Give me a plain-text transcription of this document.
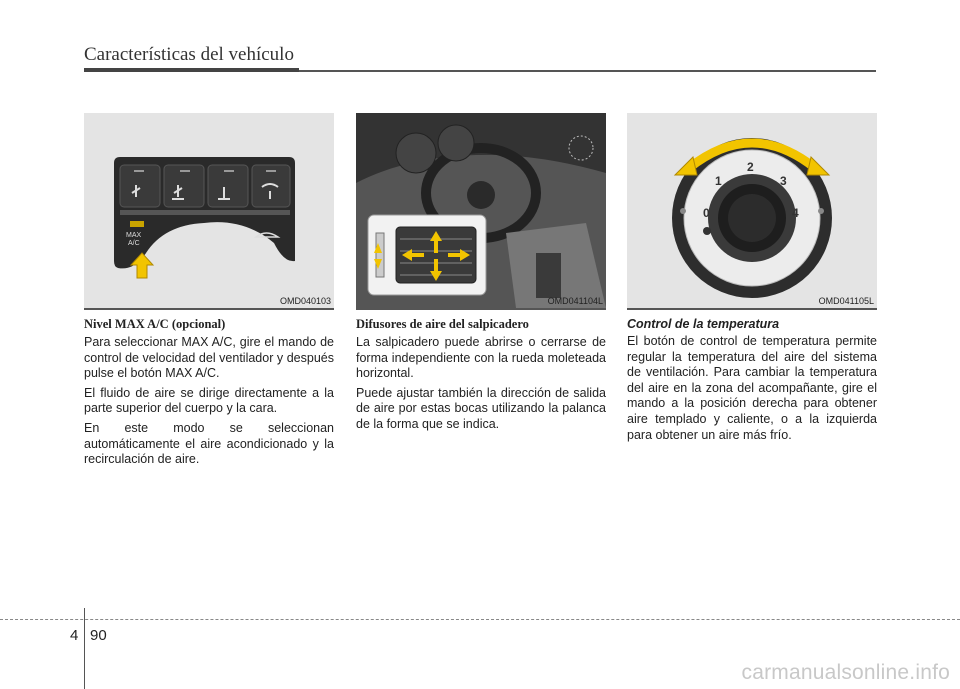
Características del vehículo
MAX
A/C
OMD040103
Nivel MAX A/C (opcional)

Para seleccionar MAX A/C, gire el mando de control de velocidad del ventilador y después pulse el botón MAX A/C.

El fluido de aire se dirige directamente a la parte superior del cuerpo y la cara.

En este modo se seleccionan automáticamente el aire acondicionado y la recirculación de aire.

OMD041104L
Difusores de aire del salpicadero

La salpicadero puede abrirse o cerrarse de forma independiente con la rueda moleteada horizontal.

Puede ajustar también la dirección de salida de aire por estas bocas utilizando la palanca de la forma que se indica.

0
1
2
3
4
OMD041105L
Control de la temperatura

El botón de control de temperatura permite regular la temperatura del aire del sistema de ventilación. Para cambiar la temperatura del aire en la zona del acompañante, gire el mando a la posición derecha para obtener aire templado y caliente, o a la izquierda para obtener un aire más frío.

4 90
carmanualsonline.info
